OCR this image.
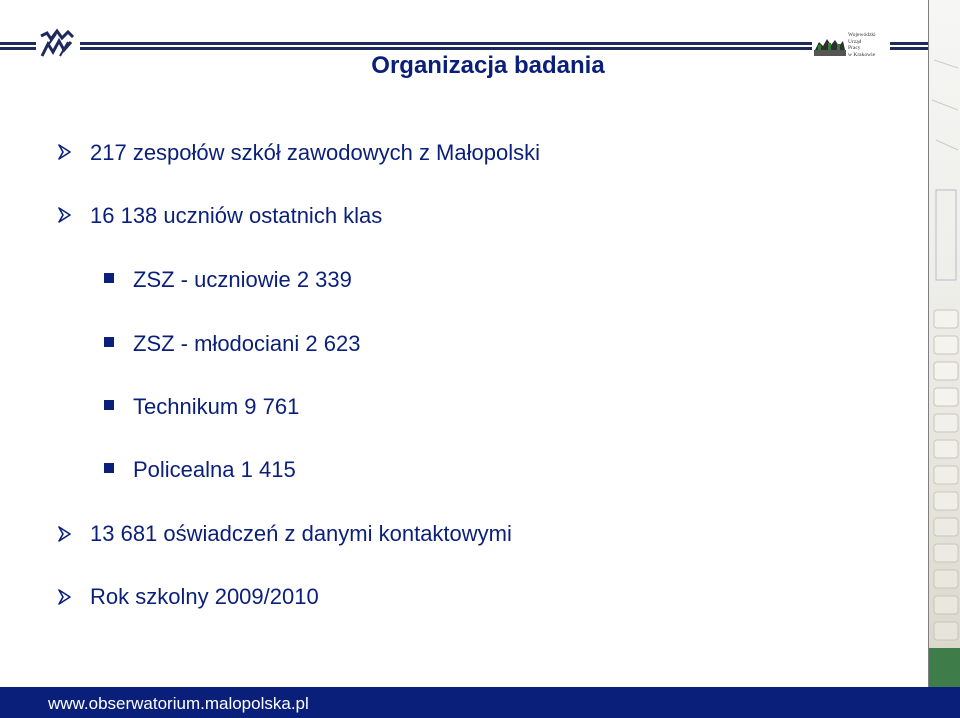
Wojewódzki
Urząd
Pracy
w Krakowie
Organizacja badania
217 zespołów szkół zawodowych z Małopolski
16 138 uczniów ostatnich klas
ZSZ - uczniowie 2 339
ZSZ - młodociani 2 623
Technikum 9 761
Policealna 1 415
13 681 oświadczeń z danymi kontaktowymi
Rok szkolny 2009/2010
www.obserwatorium.malopolska.pl
